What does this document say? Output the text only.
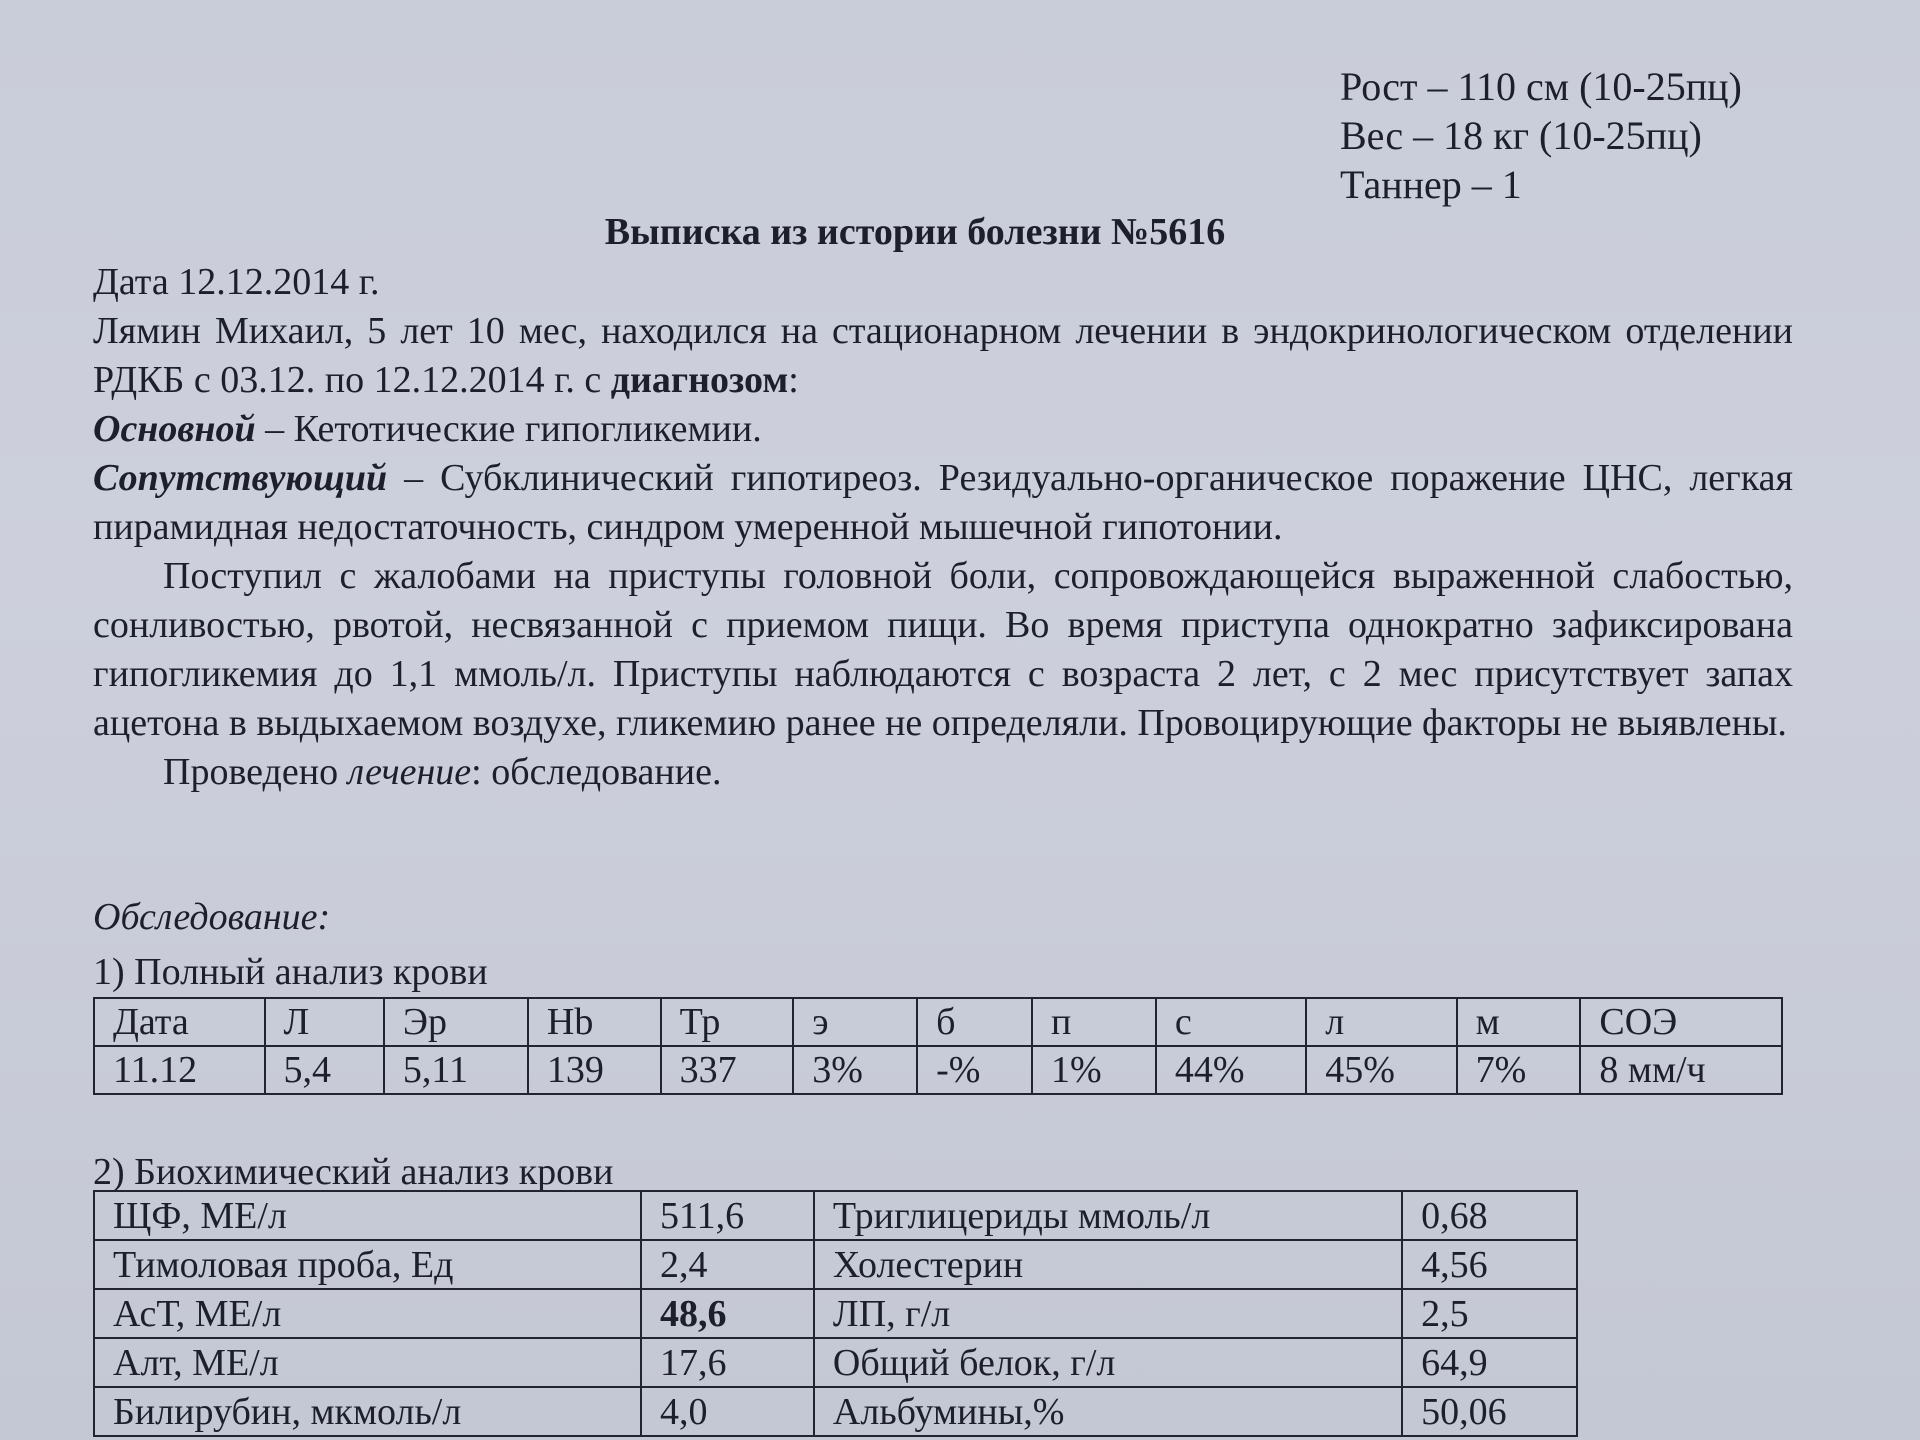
Рост – 110 см (10-25пц)
Вес – 18 кг (10-25пц)
Таннер – 1
Выписка из истории болезни №5616

Дата 12.12.2014 г.

Лямин Михаил, 5 лет 10 мес, находился на стационарном лечении в эндокринологическом отделении РДКБ с 03.12. по 12.12.2014 г. с диагнозом:

Основной – Кетотические гипогликемии.

Сопутствующий – Субклинический гипотиреоз. Резидуально-органическое поражение ЦНС, легкая пирамидная недостаточность, синдром умеренной мышечной гипотонии.

Поступил с жалобами на приступы головной боли, сопровождающейся выраженной слабостью, сонливостью, рвотой, несвязанной с приемом пищи. Во время приступа однократно зафиксирована гипогликемия до 1,1 ммоль/л. Приступы наблюдаются с возраста 2 лет, с 2 мес присутствует запах ацетона в выдыхаемом воздухе, гликемию ранее не определяли. Провоцирующие факторы не выявлены.

Проведено лечение: обследование.

Обследование:
1) Полный анализ крови
Дата	Л	Эр	Hb	Тр	э	б	п	с	л	м	СОЭ
11.12	5,4	5,11	139	337	3%	-%	1%	44%	45%	7%	8 мм/ч
2) Биохимический анализ крови
ЩФ, МЕ/л	511,6	Триглицериды ммоль/л	0,68
Тимоловая проба, Ед	2,4	Холестерин	4,56
АсТ, МЕ/л	48,6	ЛП, г/л	2,5
Алт, МЕ/л	17,6	Общий белок, г/л	64,9
Билирубин, мкмоль/л	4,0	Альбумины,%	50,06
